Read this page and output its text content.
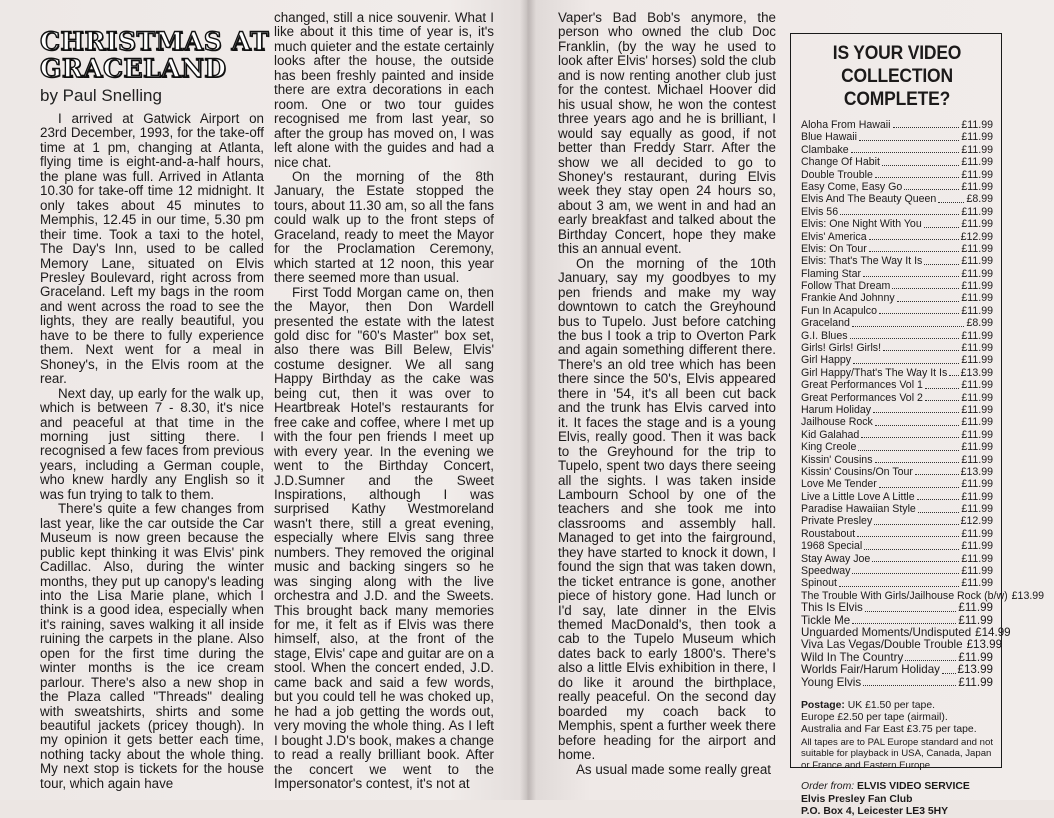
CHRISTMAS AT
GRACELAND
by Paul Snelling

I arrived at Gatwick Airport on 23rd December, 1993, for the take-off time at 1 pm, changing at Atlanta, flying time is eight-and-a-half hours, the plane was full. Arrived in Atlanta 10.30 for take-off time 12 midnight. It only takes about 45 minutes to Memphis, 12.45 in our time, 5.30 pm their time. Took a taxi to the hotel, The Day's Inn, used to be called Memory Lane, situated on Elvis Presley Boulevard, right across from Graceland. Left my bags in the room and went across the road to see the lights, they are really beautiful, you have to be there to fully experience them. Next went for a meal in Shoney's, in the Elvis room at the rear.

Next day, up early for the walk up, which is between 7 - 8.30, it's nice and peaceful at that time in the morning just sitting there. I recognised a few faces from previous years, including a German couple, who knew hardly any English so it was fun trying to talk to them.

There's quite a few changes from last year, like the car outside the Car Museum is now green because the public kept thinking it was Elvis' pink Cadillac. Also, during the winter months, they put up canopy's leading into the Lisa Marie plane, which I think is a good idea, especially when it's raining, saves walking it all inside ruining the carpets in the plane. Also open for the first time during the winter months is the ice cream parlour. There's also a new shop in the Plaza called "Threads" dealing with sweatshirts, shirts and some beautiful jackets (pricey though). In my opinion it gets better each time, nothing tacky about the whole thing. My next stop is tickets for the house tour, which again have

changed, still a nice souvenir. What I like about it this time of year is, it's much quieter and the estate certainly looks after the house, the outside has been freshly painted and inside there are extra decorations in each room. One or two tour guides recognised me from last year, so after the group has moved on, I was left alone with the guides and had a nice chat.

On the morning of the 8th January, the Estate stopped the tours, about 11.30 am, so all the fans could walk up to the front steps of Graceland, ready to meet the Mayor for the Proclamation Ceremony, which started at 12 noon, this year there seemed more than usual.

First Todd Morgan came on, then the Mayor, then Don Wardell presented the estate with the latest gold disc for "60's Master" box set, also there was Bill Belew, Elvis' costume designer. We all sang Happy Birthday as the cake was being cut, then it was over to Heartbreak Hotel's restaurants for free cake and coffee, where I met up with the four pen friends I meet up with every year. In the evening we went to the Birthday Concert, J.D.Sumner and the Sweet Inspirations, although I was surprised Kathy Westmoreland wasn't there, still a great evening, especially where Elvis sang three numbers. They removed the original music and backing singers so he was singing along with the live orchestra and J.D. and the Sweets. This brought back many memories for me, it felt as if Elvis was there himself, also, at the front of the stage, Elvis' cape and guitar are on a stool. When the concert ended, J.D. came back and said a few words, but you could tell he was choked up, he had a job getting the words out, very moving the whole thing. As I left I bought J.D's book, makes a change to read a really brilliant book. After the concert we went to the Impersonator's contest, it's not at

Vaper's Bad Bob's anymore, the person who owned the club Doc Franklin, (by the way he used to look after Elvis' horses) sold the club and is now renting another club just for the contest. Michael Hoover did his usual show, he won the contest three years ago and he is brilliant, I would say equally as good, if not better than Freddy Starr. After the show we all decided to go to Shoney's restaurant, during Elvis week they stay open 24 hours so, about 3 am, we went in and had an early breakfast and talked about the Birthday Concert, hope they make this an annual event.

On the morning of the 10th January, say my goodbyes to my pen friends and make my way downtown to catch the Greyhound bus to Tupelo. Just before catching the bus I took a trip to Overton Park and again something different there. There's an old tree which has been there since the 50's, Elvis appeared there in '54, it's all been cut back and the trunk has Elvis carved into it. It faces the stage and is a young Elvis, really good. Then it was back to the Greyhound for the trip to Tupelo, spent two days there seeing all the sights. I was taken inside Lambourn School by one of the teachers and she took me into classrooms and assembly hall. Managed to get into the fairground, they have started to knock it down, I found the sign that was taken down, the ticket entrance is gone, another piece of history gone. Had lunch or I'd say, late dinner in the Elvis themed MacDonald's, then took a cab to the Tupelo Museum which dates back to early 1800's. There's also a little Elvis exhibition in there, I do like it around the birthplace, really peaceful. On the second day boarded my coach back to Memphis, spent a further week there before heading for the airport and home.

As usual made some really great

IS YOUR VIDEO
COLLECTION COMPLETE?
Aloha From Hawaii	£11.99
Blue Hawaii	£11.99
Clambake	£11.99
Change Of Habit	£11.99
Double Trouble	£11.99
Easy Come, Easy Go	£11.99
Elvis And The Beauty Queen	£8.99
Elvis 56	£11.99
Elvis: One Night With You	£11.99
Elvis' America	£12.99
Elvis: On Tour	£11.99
Elvis: That's The Way It Is	£11.99
Flaming Star	£11.99
Follow That Dream	£11.99
Frankie And Johnny	£11.99
Fun In Acapulco	£11.99
Graceland	£8.99
G.I. Blues	£11.99
Girls! Girls! Girls!	£11.99
Girl Happy	£11.99
Girl Happy/That's The Way It Is £13.99
Great Performances Vol 1	£11.99
Great Performances Vol 2	£11.99
Harum Holiday	£11.99
Jailhouse Rock	£11.99
Kid Galahad	£11.99
King Creole	£11.99
Kissin' Cousins	£11.99
Kissin' Cousins/On Tour	£13.99
Love Me Tender	£11.99
Live a Little Love A Little	£11.99
Paradise Hawaiian Style	£11.99
Private Presley	£12.99
Roustabout	£11.99
1968 Special	£11.99
Stay Away Joe	£11.99
Speedway	£11.99
Spinout	£11.99
The Trouble With Girls/Jailhouse Rock (b/w) £13.99
This Is Elvis	£11.99
Tickle Me	£11.99
Unguarded Moments/Undisputed £14.99
Viva Las Vegas/Double Trouble £13.99
Wild In The Country	£11.99
Worlds Fair/Harum Holiday £13.99
Young Elvis	£11.99
Postage: UK £1.50 per tape.
Europe £2.50 per tape (airmail).
Australia and Far East £3.75 per tape.
All tapes are to PAL Europe standard and not suitable for playback in USA, Canada, Japan or France and Eastern Europe.
Order from: ELVIS VIDEO SERVICE
Elvis Presley Fan Club
P.O. Box 4, Leicester LE3 5HY
